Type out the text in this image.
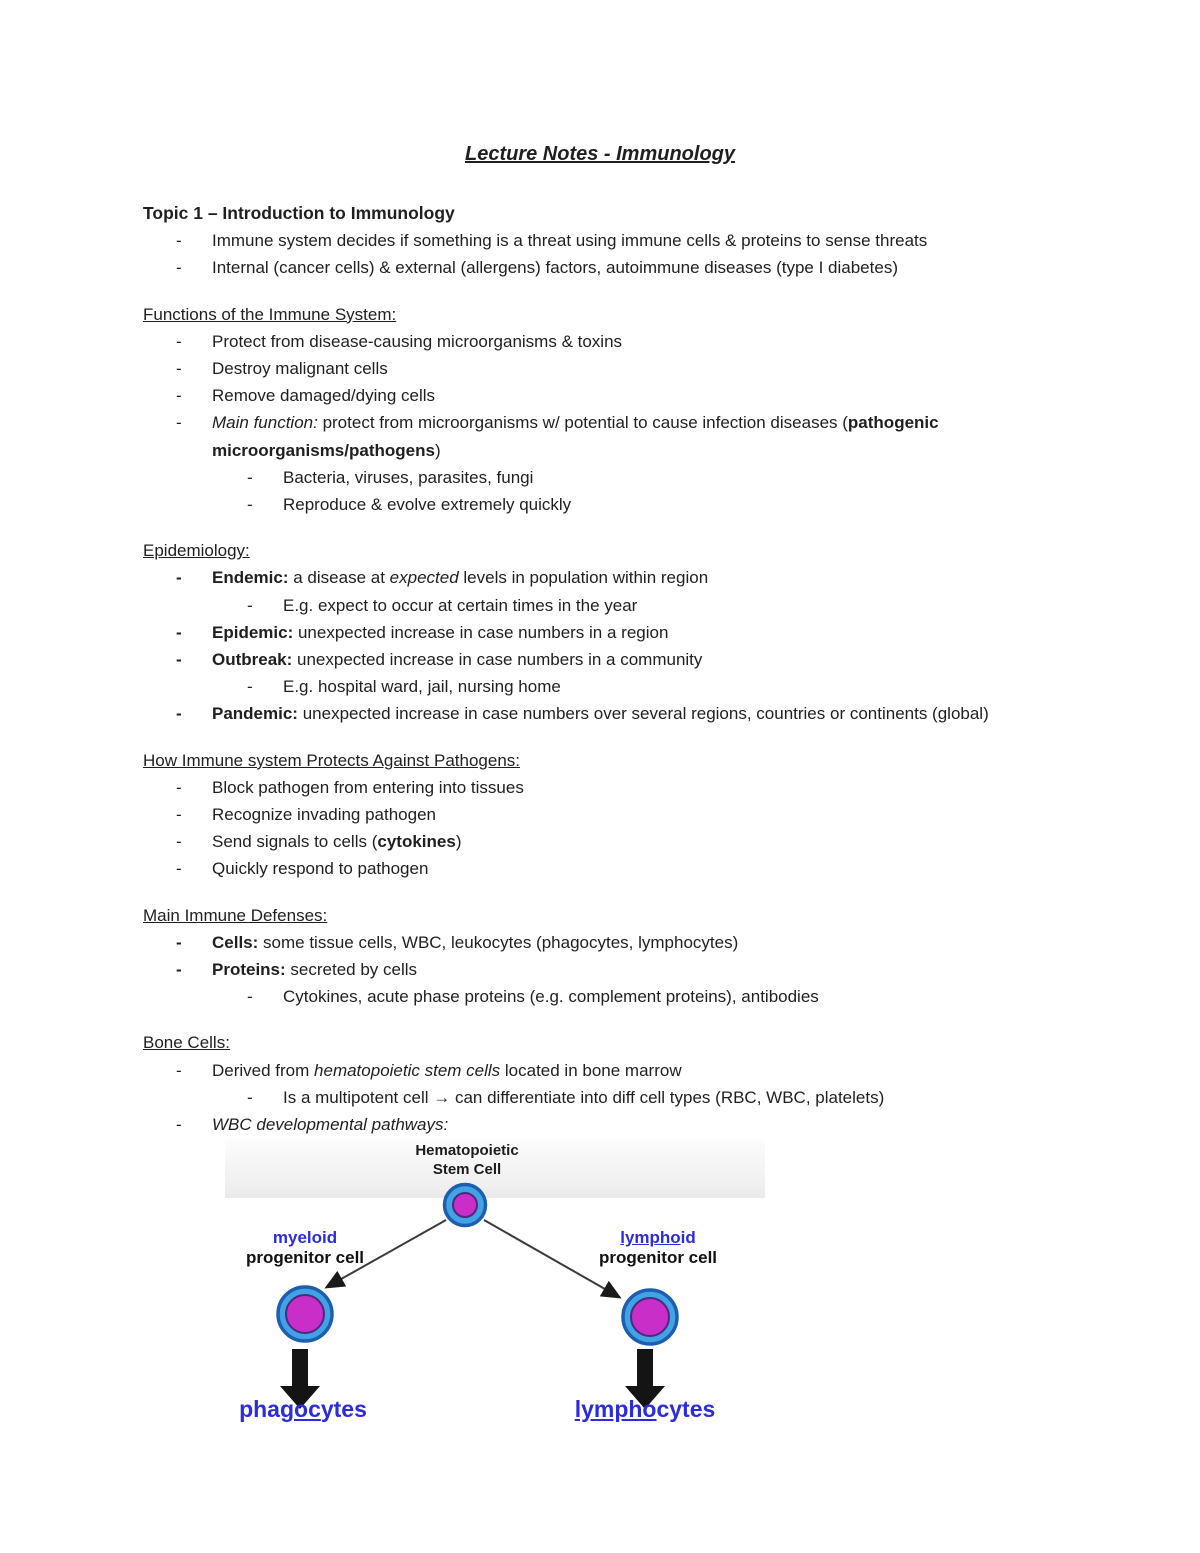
Lecture Notes - Immunology
Topic 1 – Introduction to Immunology
-	Immune system decides if something is a threat using immune cells & proteins to sense threats
-	Internal (cancer cells) & external (allergens) factors, autoimmune diseases (type I diabetes)
Functions of the Immune System:
-	Protect from disease-causing microorganisms & toxins
-	Destroy malignant cells
-	Remove damaged/dying cells
-	Main function: protect from microorganisms w/ potential to cause infection diseases (pathogenic microorganisms/pathogens)
-	Bacteria, viruses, parasites, fungi
-	Reproduce & evolve extremely quickly
Epidemiology:
-	Endemic: a disease at expected levels in population within region
-	E.g. expect to occur at certain times in the year
-	Epidemic: unexpected increase in case numbers in a region
-	Outbreak: unexpected increase in case numbers in a community
-	E.g. hospital ward, jail, nursing home
-	Pandemic: unexpected increase in case numbers over several regions, countries or continents (global)
How Immune system Protects Against Pathogens:
-	Block pathogen from entering into tissues
-	Recognize invading pathogen
-	Send signals to cells (cytokines)
-	Quickly respond to pathogen
Main Immune Defenses:
-	Cells: some tissue cells, WBC, leukocytes (phagocytes, lymphocytes)
-	Proteins: secreted by cells
-	Cytokines, acute phase proteins (e.g. complement proteins), antibodies
Bone Cells:
-	Derived from hematopoietic stem cells located in bone marrow
-	Is a multipotent cell → can differentiate into diff cell types (RBC, WBC, platelets)
-	WBC developmental pathways:
Hematopoietic
Stem Cell
myeloid
progenitor cell
lymphoid
progenitor cell
phagocytes	lymphocytes
